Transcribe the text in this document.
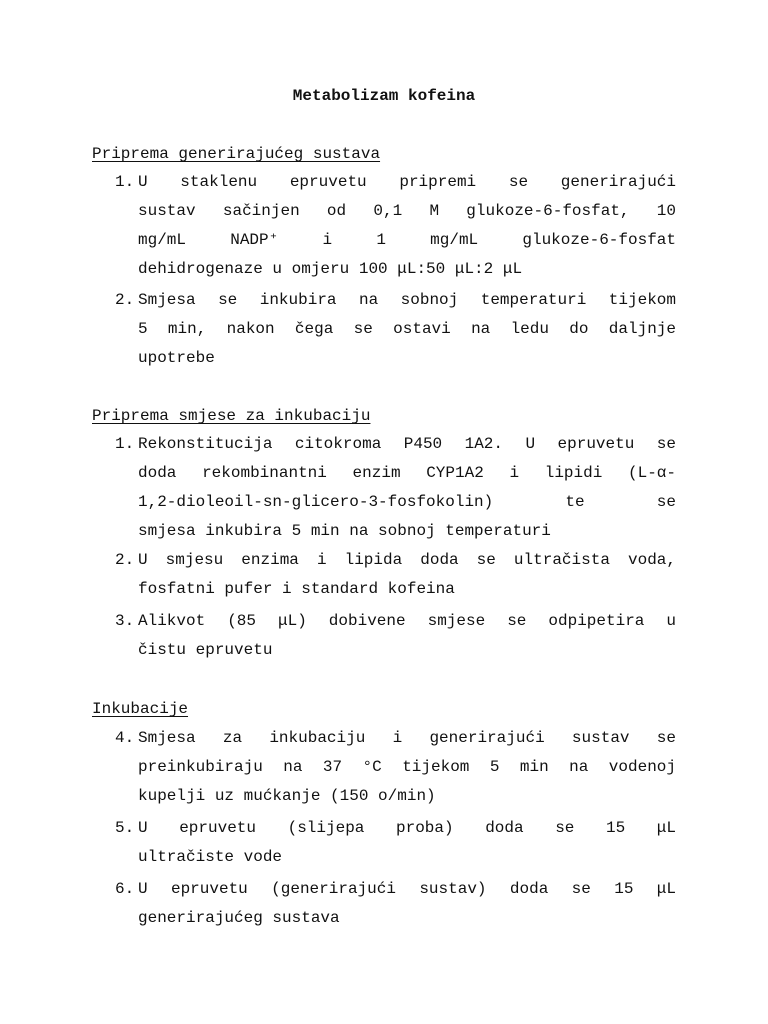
Metabolizam kofeina
Priprema generirajućeg sustava
1. U staklenu epruvetu pripremi se generirajući
sustav sačinjen od 0,1 M glukoze-6-fosfat, 10
mg/mL NADP⁺ i 1 mg/mL glukoze-6-fosfat
dehidrogenaze u omjeru 100 μL:50 μL:2 μL
2. Smjesa se inkubira na sobnoj temperaturi tijekom
5 min, nakon čega se ostavi na ledu do daljnje
upotrebe
Priprema smjese za inkubaciju
1. Rekonstitucija citokroma P450 1A2. U epruvetu se
doda rekombinantni enzim CYP1A2 i lipidi (L-α-
1,2-dioleoil-sn-glicero-3-fosfokolin) te se
smjesa inkubira 5 min na sobnoj temperaturi
2. U smjesu enzima i lipida doda se ultračista voda,
fosfatni pufer i standard kofeina
3. Alikvot (85 μL) dobivene smjese se odpipetira u
čistu epruvetu
Inkubacije
4. Smjesa za inkubaciju i generirajući sustav se
preinkubiraju na 37 °C tijekom 5 min na vodenoj
kupelji uz mućkanje (150 o/min)
5. U epruvetu (slijepa proba) doda se 15 μL
ultračiste vode
6. U epruvetu (generirajući sustav) doda se 15 μL
generirajućeg sustava
